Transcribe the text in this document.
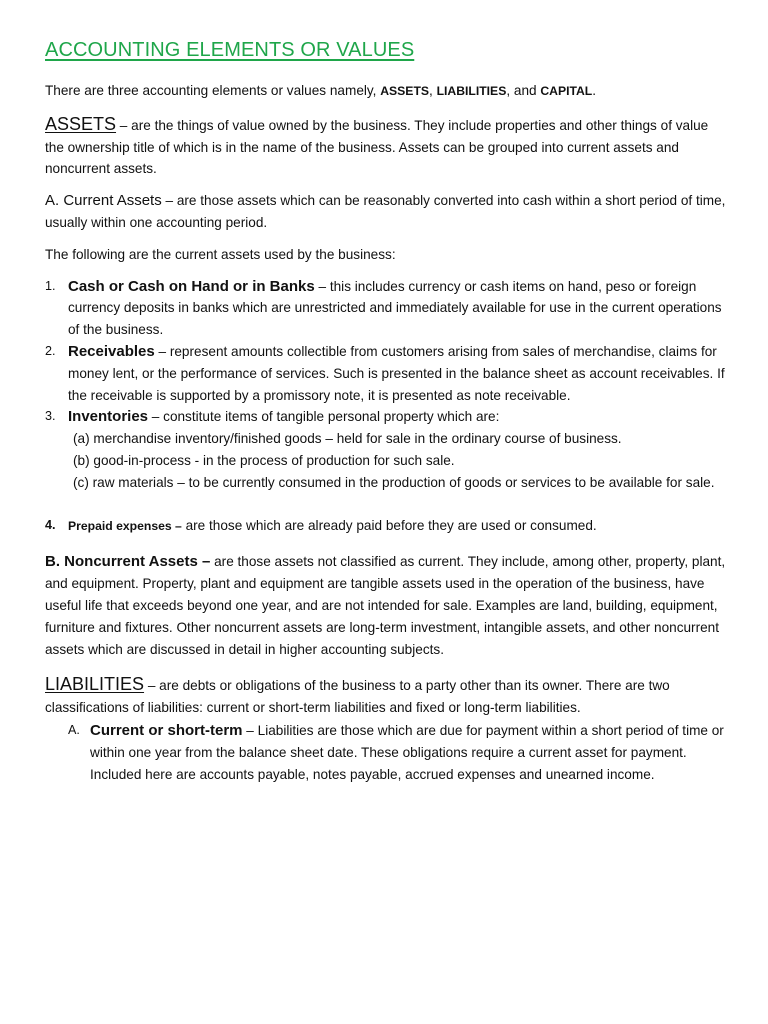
ACCOUNTING ELEMENTS OR VALUES

There are three accounting elements or values namely, ASSETS, LIABILITIES, and CAPITAL.

ASSETS – are the things of value owned by the business. They include properties and other things of value the ownership title of which is in the name of the business. Assets can be grouped into current assets and noncurrent assets.

A. Current Assets – are those assets which can be reasonably converted into cash within a short period of time, usually within one accounting period.

The following are the current assets used by the business:

1. Cash or Cash on Hand or in Banks – this includes currency or cash items on hand, peso or foreign currency deposits in banks which are unrestricted and immediately available for use in the current operations of the business.
2. Receivables – represent amounts collectible from customers arising from sales of merchandise, claims for money lent, or the performance of services. Such is presented in the balance sheet as account receivables. If the receivable is supported by a promissory note, it is presented as note receivable.
3. Inventories – constitute items of tangible personal property which are:
(a) merchandise inventory/finished goods – held for sale in the ordinary course of business.
(b) good-in-process - in the process of production for such sale.
(c) raw materials – to be currently consumed in the production of goods or services to be available for sale.
4. Prepaid expenses – are those which are already paid before they are used or consumed.

B. Noncurrent Assets – are those assets not classified as current. They include, among other, property, plant, and equipment. Property, plant and equipment are tangible assets used in the operation of the business, have useful life that exceeds beyond one year, and are not intended for sale. Examples are land, building, equipment, furniture and fixtures. Other noncurrent assets are long-term investment, intangible assets, and other noncurrent assets which are discussed in detail in higher accounting subjects.

LIABILITIES – are debts or obligations of the business to a party other than its owner. There are two classifications of liabilities: current or short-term liabilities and fixed or long-term liabilities.

A. Current or short-term – Liabilities are those which are due for payment within a short period of time or within one year from the balance sheet date. These obligations require a current asset for payment. Included here are accounts payable, notes payable, accrued expenses and unearned income.
